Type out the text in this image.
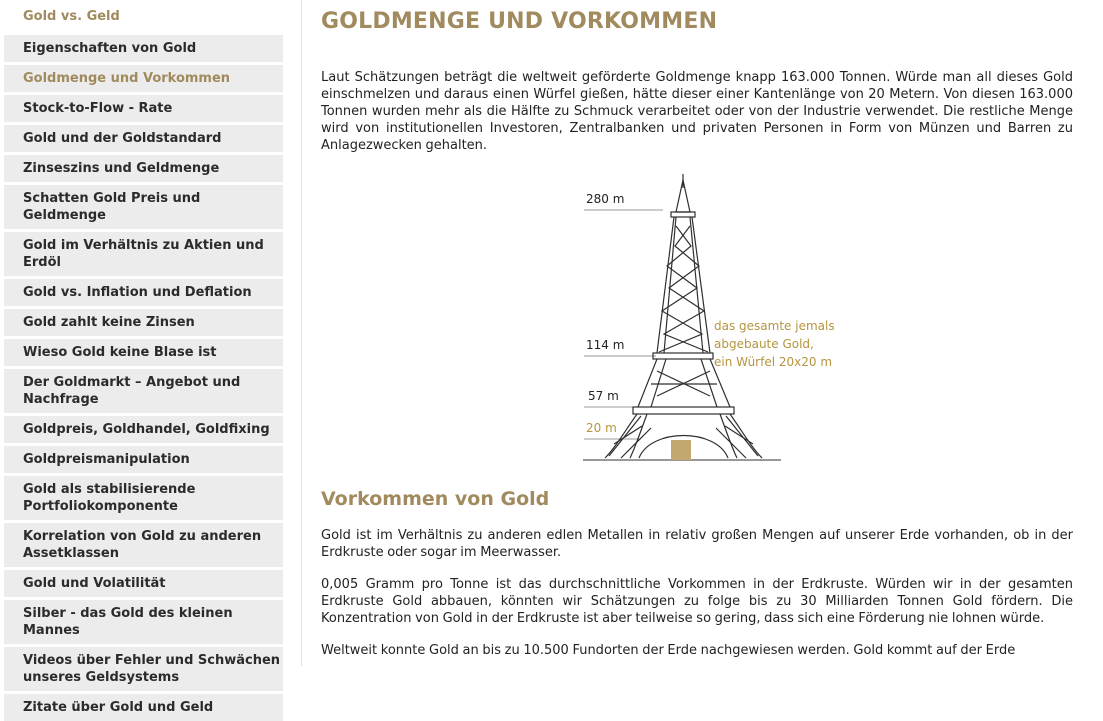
Gold vs. Geld
Eigenschaften von Gold
Goldmenge und Vorkommen
Stock-to-Flow - Rate
Gold und der Goldstandard
Zinseszins und Geldmenge
Schatten Gold Preis und Geldmenge
Gold im Verhältnis zu Aktien und Erdöl
Gold vs. Inflation und Deflation
Gold zahlt keine Zinsen
Wieso Gold keine Blase ist
Der Goldmarkt – Angebot und Nachfrage
Goldpreis, Goldhandel, Goldfixing
Goldpreismanipulation
Gold als stabilisierende Portfoliokomponente
Korrelation von Gold zu anderen Assetklassen
Gold und Volatilität
Silber - das Gold des kleinen Mannes
Videos über Fehler und Schwächen unseres Geldsystems
Zitate über Gold und Geld
GOLDMENGE UND VORKOMMEN

Laut Schätzungen beträgt die weltweit geförderte Goldmenge knapp 163.000 Tonnen. Würde man all dieses Gold einschmelzen und daraus einen Würfel gießen, hätte dieser einer Kantenlänge von 20 Metern. Von diesen 163.000 Tonnen wurden mehr als die Hälfte zu Schmuck verarbeitet oder von der Industrie verwendet. Die restliche Menge wird von institutionellen Investoren, Zentralbanken und privaten Personen in Form von Münzen und Barren zu Anlagezwecken gehalten.

280 m
114 m
57 m
20 m
das gesamte jemals
abgebaute Gold,
ein Würfel 20x20 m
Vorkommen von Gold

Gold ist im Verhältnis zu anderen edlen Metallen in relativ großen Mengen auf unserer Erde vorhanden, ob in der Erdkruste oder sogar im Meerwasser.

0,005 Gramm pro Tonne ist das durchschnittliche Vorkommen in der Erdkruste. Würden wir in der gesamten Erdkruste Gold abbauen, könnten wir Schätzungen zu folge bis zu 30 Milliarden Tonnen Gold fördern. Die Konzentration von Gold in der Erdkruste ist aber teilweise so gering, dass sich eine Förderung nie lohnen würde.

Weltweit konnte Gold an bis zu 10.500 Fundorten der Erde nachgewiesen werden. Gold kommt auf der Erde
